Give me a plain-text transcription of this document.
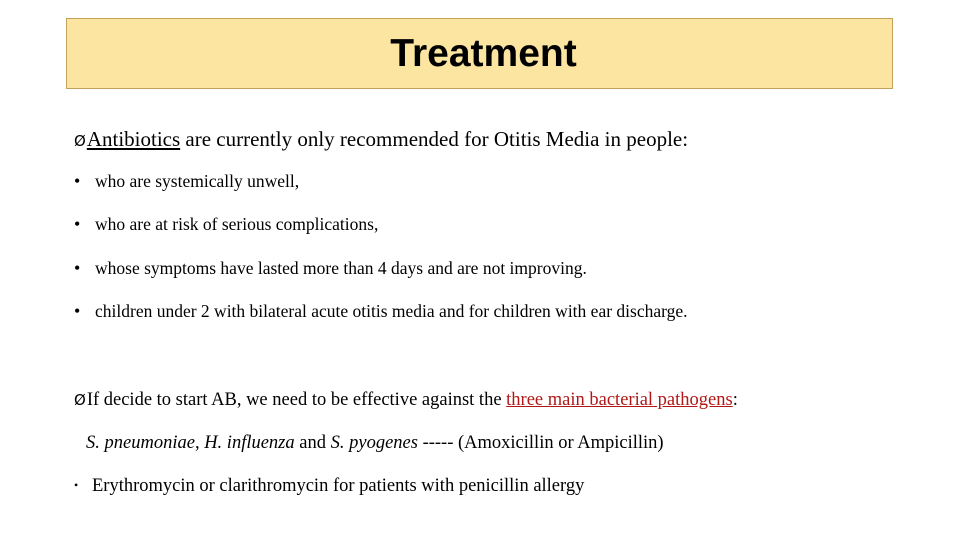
Treatment
ØAntibiotics are currently only recommended for Otitis Media in people:
• who are systemically unwell,
• who are at risk of serious complications,
• whose symptoms have lasted more than 4 days and are not improving.
• children under 2 with bilateral acute otitis media and for children with ear discharge.
ØIf decide to start AB, we need to be effective against the three main bacterial pathogens:
S. pneumoniae, H. influenza and S. pyogenes ----- (Amoxicillin or Ampicillin)
• Erythromycin or clarithromycin for patients with penicillin allergy
